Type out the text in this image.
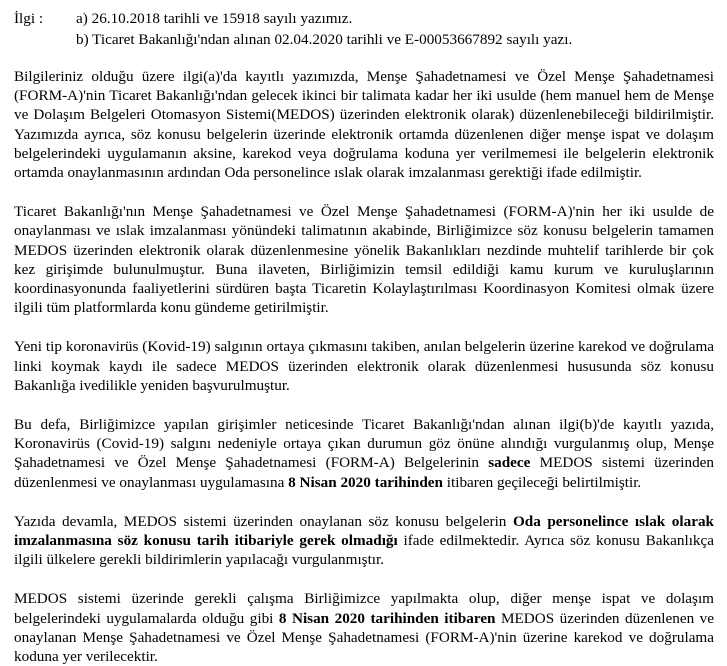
İlgi : a) 26.10.2018 tarihli ve 15918 sayılı yazımız.
b) Ticaret Bakanlığı'ndan alınan 02.04.2020 tarihli ve E-00053667892 sayılı yazı.

Bilgileriniz olduğu üzere ilgi(a)'da kayıtlı yazımızda, Menşe Şahadetnamesi ve Özel Menşe Şahadetnamesi (FORM-A)'nin Ticaret Bakanlığı'ndan gelecek ikinci bir talimata kadar her iki usulde (hem manuel hem de Menşe ve Dolaşım Belgeleri Otomasyon Sistemi(MEDOS) üzerinden elektronik olarak) düzenlenebileceği bildirilmiştir. Yazımızda ayrıca, söz konusu belgelerin üzerinde elektronik ortamda düzenlenen diğer menşe ispat ve dolaşım belgelerindeki uygulamanın aksine, karekod veya doğrulama koduna yer verilmemesi ile belgelerin elektronik ortamda onaylanmasının ardından Oda personelince ıslak olarak imzalanması gerektiği ifade edilmiştir.

Ticaret Bakanlığı'nın Menşe Şahadetnamesi ve Özel Menşe Şahadetnamesi (FORM-A)'nin her iki usulde de onaylanması ve ıslak imzalanması yönündeki talimatının akabinde, Birliğimizce söz konusu belgelerin tamamen MEDOS üzerinden elektronik olarak düzenlenmesine yönelik Bakanlıkları nezdinde muhtelif tarihlerde bir çok kez girişimde bulunulmuştur. Buna ilaveten, Birliğimizin temsil edildiği kamu kurum ve kuruluşlarının koordinasyonunda faaliyetlerini sürdüren başta Ticaretin Kolaylaştırılması Koordinasyon Komitesi olmak üzere ilgili tüm platformlarda konu gündeme getirilmiştir.

Yeni tip koronavirüs (Kovid-19) salgının ortaya çıkmasını takiben, anılan belgelerin üzerine karekod ve doğrulama linki koymak kaydı ile sadece MEDOS üzerinden elektronik olarak düzenlenmesi hususunda söz konusu Bakanlığa ivedilikle yeniden başvurulmuştur.

Bu defa, Birliğimizce yapılan girişimler neticesinde Ticaret Bakanlığı'ndan alınan ilgi(b)'de kayıtlı yazıda, Koronavirüs (Covid-19) salgını nedeniyle ortaya çıkan durumun göz önüne alındığı vurgulanmış olup, Menşe Şahadetnamesi ve Özel Menşe Şahadetnamesi (FORM-A) Belgelerinin sadece MEDOS sistemi üzerinden düzenlenmesi ve onaylanması uygulamasına 8 Nisan 2020 tarihinden itibaren geçileceği belirtilmiştir.

Yazıda devamla, MEDOS sistemi üzerinden onaylanan söz konusu belgelerin Oda personelince ıslak olarak imzalanmasına söz konusu tarih itibariyle gerek olmadığı ifade edilmektedir. Ayrıca söz konusu Bakanlıkça ilgili ülkelere gerekli bildirimlerin yapılacağı vurgulanmıştır.

MEDOS sistemi üzerinde gerekli çalışma Birliğimizce yapılmakta olup, diğer menşe ispat ve dolaşım belgelerindeki uygulamalarda olduğu gibi 8 Nisan 2020 tarihinden itibaren MEDOS üzerinden düzenlenen ve onaylanan Menşe Şahadetnamesi ve Özel Menşe Şahadetnamesi (FORM-A)'nin üzerine karekod ve doğrulama koduna yer verilecektir.
